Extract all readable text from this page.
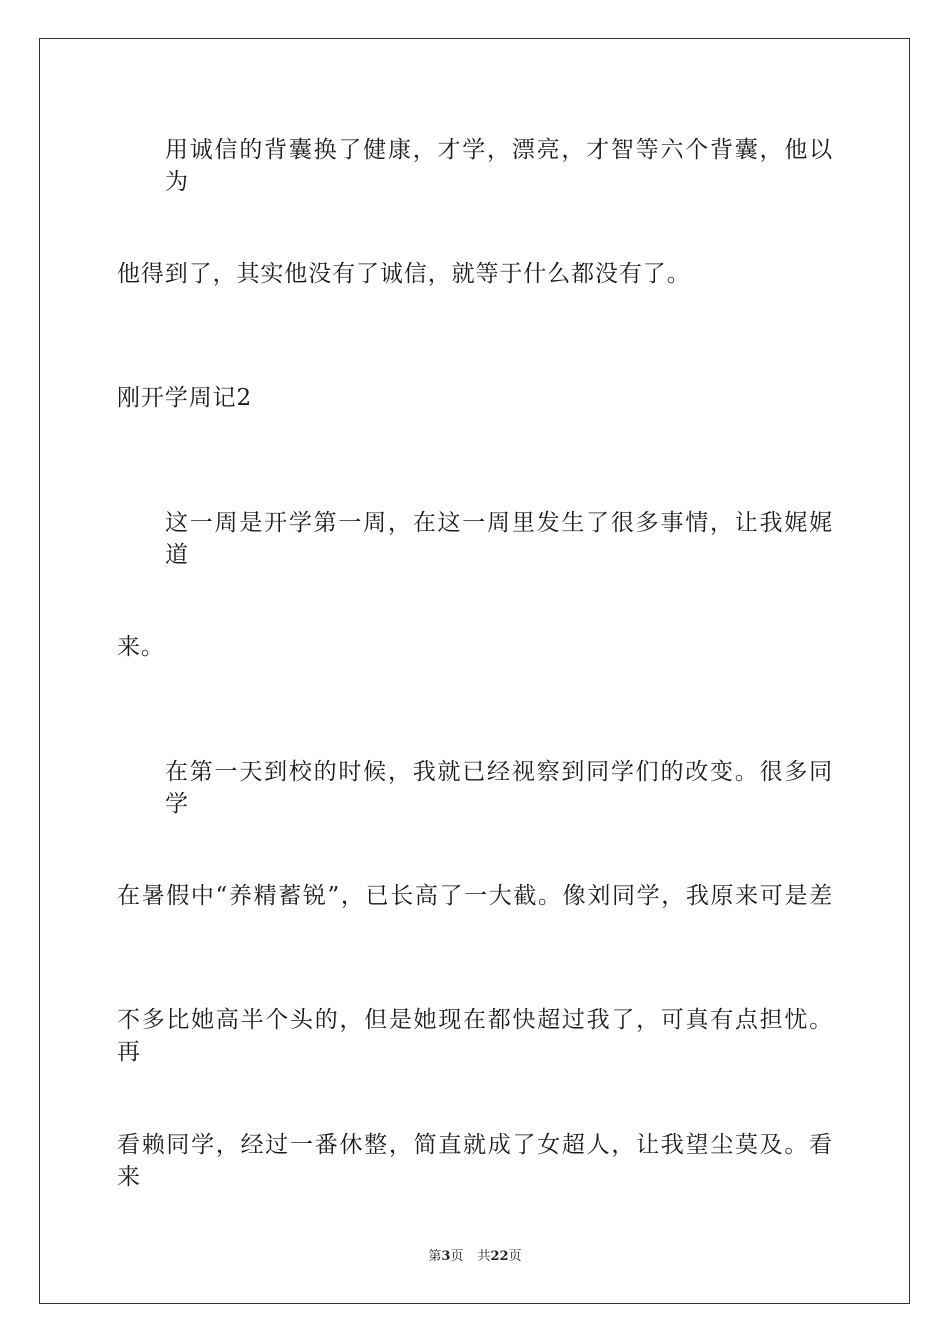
用诚信的背囊换了健康，才学，漂亮，才智等六个背囊，他以为
他得到了，其实他没有了诚信，就等于什么都没有了。
刚开学周记2
这一周是开学第一周，在这一周里发生了很多事情，让我娓娓道
来。
在第一天到校的时候，我就已经视察到同学们的改变。很多同学
在暑假中“养精蓄锐”，已长高了一大截。像刘同学，我原来可是差
不多比她高半个头的，但是她现在都快超过我了，可真有点担忧。再
看赖同学，经过一番休整，简直就成了女超人，让我望尘莫及。看来
第3页 共22页
